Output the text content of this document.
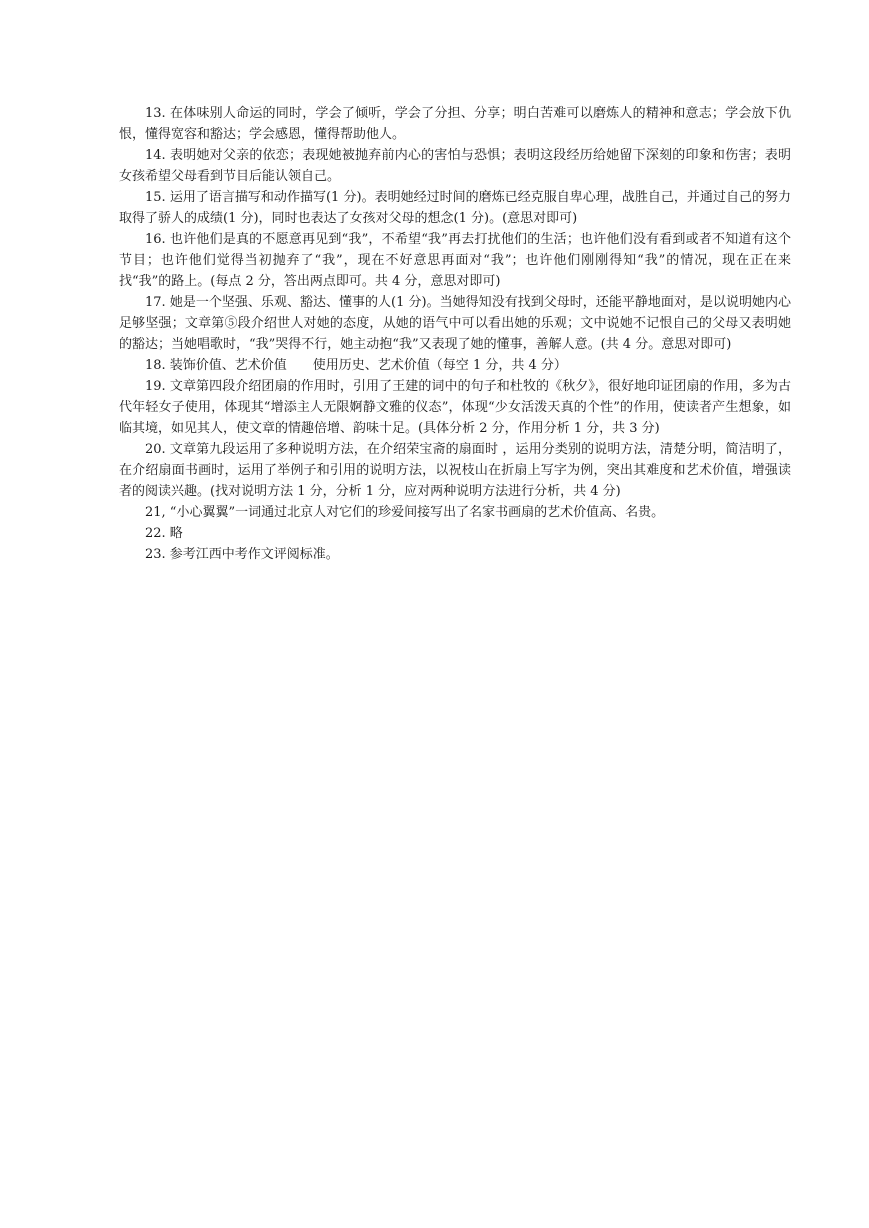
13. 在体味别人命运的同时，学会了倾听，学会了分担、分享；明白苦难可以磨炼人的精神和意志；学会放下仇恨，懂得宽容和豁达；学会感恩，懂得帮助他人。

14. 表明她对父亲的依恋；表现她被抛弃前内心的害怕与恐惧；表明这段经历给她留下深刻的印象和伤害；表明女孩希望父母看到节目后能认领自己。

15. 运用了语言描写和动作描写(1 分)。表明她经过时间的磨炼已经克服自卑心理，战胜自己，并通过自己的努力取得了骄人的成绩(1 分)，同时也表达了女孩对父母的想念(1 分)。(意思对即可)

16. 也许他们是真的不愿意再见到“我”，不希望“我”再去打扰他们的生活；也许他们没有看到或者不知道有这个节目；也许他们觉得当初抛弃了“我”，现在不好意思再面对“我”；也许他们刚刚得知“我”的情况，现在正在来找“我”的路上。(每点 2 分，答出两点即可。共 4 分，意思对即可)

17. 她是一个坚强、乐观、豁达、懂事的人(1 分)。当她得知没有找到父母时，还能平静地面对，是以说明她内心足够坚强；文章第⑤段介绍世人对她的态度，从她的语气中可以看出她的乐观；文中说她不记恨自己的父母又表明她的豁达；当她唱歌时，“我”哭得不行，她主动抱“我”又表现了她的懂事，善解人意。(共 4 分。意思对即可)

18. 装饰价值、艺术价值　　使用历史、艺术价值（每空 1 分，共 4 分）

19. 文章第四段介绍团扇的作用时，引用了王建的词中的句子和杜牧的《秋夕》，很好地印证团扇的作用，多为古代年轻女子使用，体现其“增添主人无限婀静文雅的仪态”，体现“少女活泼天真的个性”的作用，使读者产生想象，如临其境，如见其人，使文章的情趣倍增、韵味十足。(具体分析 2 分，作用分析 1 分，共 3 分)

20. 文章第九段运用了多种说明方法，在介绍荣宝斋的扇面时 ，运用分类别的说明方法，清楚分明，简洁明了，在介绍扇面书画时，运用了举例子和引用的说明方法，以祝枝山在折扇上写字为例，突出其难度和艺术价值，增强读者的阅读兴趣。(找对说明方法 1 分，分析 1 分，应对两种说明方法进行分析，共 4 分)

21, “小心翼翼”一词通过北京人对它们的珍爱间接写出了名家书画扇的艺术价值高、名贵。

22. 略

23. 参考江西中考作文评阅标准。
